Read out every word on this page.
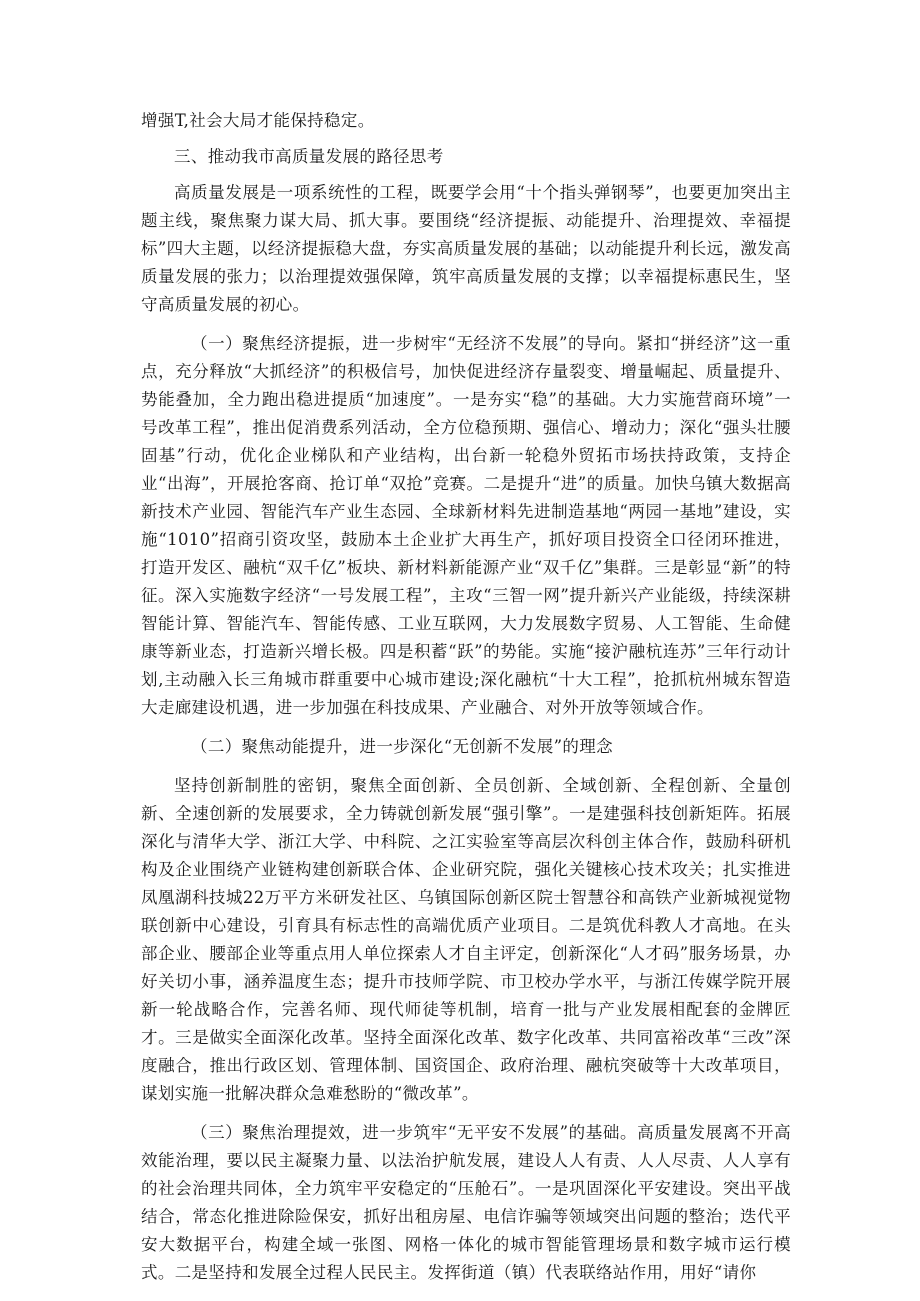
增强T,社会大局才能保持稳定。

三、推动我市高质量发展的路径思考

高质量发展是一项系统性的工程，既要学会用“十个指头弹钢琴”，也要更加突出主题主线，聚焦聚力谋大局、抓大事。要围绕“经济提振、动能提升、治理提效、幸福提标”四大主题，以经济提振稳大盘，夯实高质量发展的基础；以动能提升利长远，激发高质量发展的张力；以治理提效强保障，筑牢高质量发展的支撑；以幸福提标惠民生，坚守高质量发展的初心。

（一）聚焦经济提振，进一步树牢“无经济不发展”的导向。紧扣“拼经济”这一重点，充分释放“大抓经济”的积极信号，加快促进经济存量裂变、增量崛起、质量提升、势能叠加，全力跑出稳进提质“加速度”。一是夯实“稳”的基础。大力实施营商环境”一号改革工程”，推出促消费系列活动，全方位稳预期、强信心、增动力；深化“强头壮腰固基”行动，优化企业梯队和产业结构，出台新一轮稳外贸拓市场扶持政策，支持企业“出海”，开展抢客商、抢订单“双抢”竞赛。二是提升“进”的质量。加快乌镇大数据高新技术产业园、智能汽车产业生态园、全球新材料先进制造基地“两园一基地”建设，实施“1010”招商引资攻坚，鼓励本土企业扩大再生产，抓好项目投资全口径闭环推进，打造开发区、融杭“双千亿”板块、新材料新能源产业“双千亿”集群。三是彰显“新”的特征。深入实施数字经济“一号发展工程”，主攻“三智一网”提升新兴产业能级，持续深耕智能计算、智能汽车、智能传感、工业互联网，大力发展数字贸易、人工智能、生命健康等新业态，打造新兴增长极。四是积蓄“跃”的势能。实施“接沪融杭连苏”三年行动计划,主动融入长三角城市群重要中心城市建设;深化融杭“十大工程”，抢抓杭州城东智造大走廊建设机遇，进一步加强在科技成果、产业融合、对外开放等领域合作。

（二）聚焦动能提升，进一步深化“无创新不发展”的理念

坚持创新制胜的密钥，聚焦全面创新、全员创新、全域创新、全程创新、全量创新、全速创新的发展要求，全力铸就创新发展“强引擎”。一是建强科技创新矩阵。拓展深化与清华大学、浙江大学、中科院、之江实验室等高层次科创主体合作，鼓励科研机构及企业围绕产业链构建创新联合体、企业研究院，强化关键核心技术攻关；扎实推进凤凰湖科技城22万平方米研发社区、乌镇国际创新区院士智慧谷和高铁产业新城视觉物联创新中心建设，引育具有标志性的高端优质产业项目。二是筑优科教人才高地。在头部企业、腰部企业等重点用人单位探索人才自主评定，创新深化“人才码”服务场景，办好关切小事，涵养温度生态；提升市技师学院、市卫校办学水平，与浙江传媒学院开展新一轮战略合作，完善名师、现代师徒等机制，培育一批与产业发展相配套的金牌匠才。三是做实全面深化改革。坚持全面深化改革、数字化改革、共同富裕改革“三改”深度融合，推出行政区划、管理体制、国资国企、政府治理、融杭突破等十大改革项目，谋划实施一批解决群众急难愁盼的“微改革”。

（三）聚焦治理提效，进一步筑牢“无平安不发展”的基础。高质量发展离不开高效能治理，要以民主凝聚力量、以法治护航发展，建设人人有责、人人尽责、人人享有的社会治理共同体，全力筑牢平安稳定的“压舱石”。一是巩固深化平安建设。突出平战结合，常态化推进除险保安，抓好出租房屋、电信诈骗等领域突出问题的整治；迭代平安大数据平台，构建全域一张图、网格一体化的城市智能管理场景和数字城市运行模式。二是坚持和发展全过程人民民主。发挥街道（镇）代表联络站作用，用好“请你
